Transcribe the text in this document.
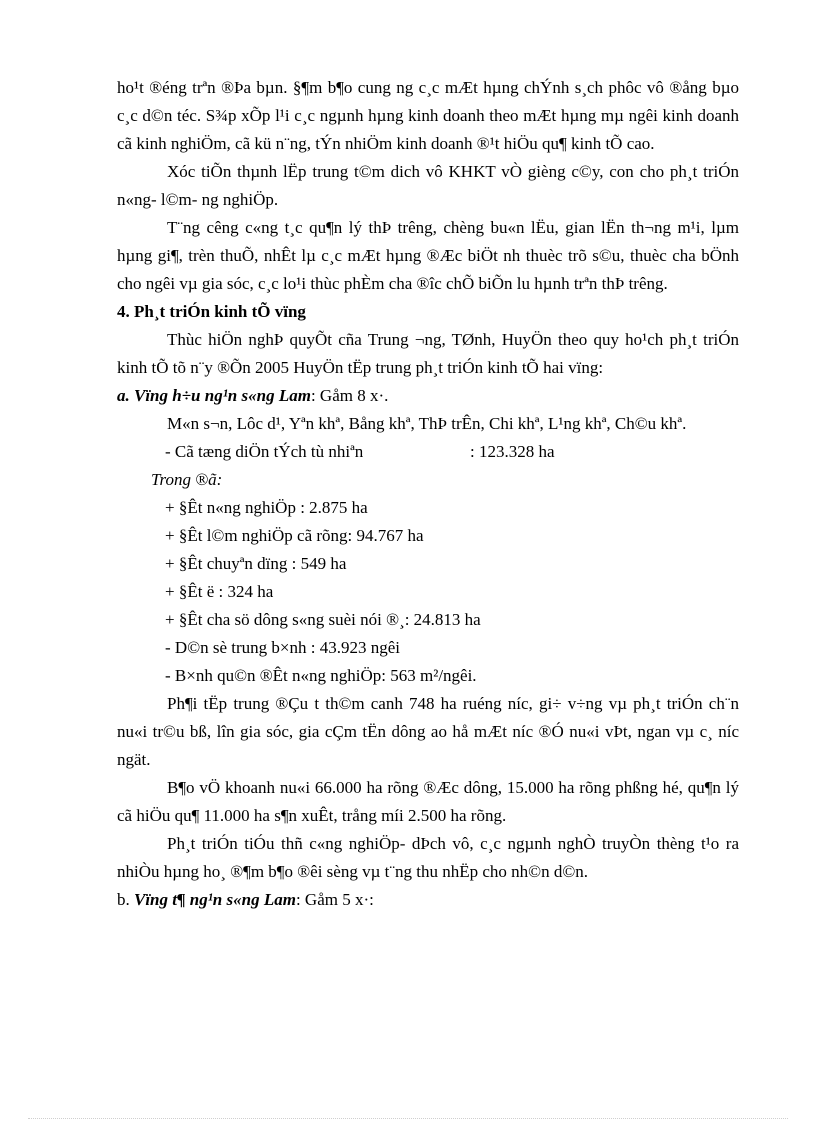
ho¹t ®éng trªn ®Þa bµn. §¶m b¶o cung ng c¸c mÆt hµng chÝnh s¸ch phôc vô ®ång bµo c¸c d©n téc. S¾p xÕp l¹i c¸c ngµnh hµng kinh doanh theo mÆt hµng mµ ngêi kinh doanh cã kinh nghiÖm, cã kü n¨ng, tÝn nhiÖm kinh doanh ®¹t hiÖu qu¶ kinh tÕ cao.

Xóc tiÕn thµnh lËp trung t©m dich vô KHKT vÒ gièng c©y, con cho ph¸t triÓn n«ng- l©m- ng nghiÖp.

T¨ng cêng c«ng t¸c qu¶n lý thÞ trêng, chèng bu«n lËu, gian lËn th¬ng m¹i, lµm hµng gi¶, trèn thuÕ, nhÊt lµ c¸c mÆt hµng ®Æc biÖt nh thuèc trõ s©u, thuèc cha bÖnh cho ngêi vµ gia sóc, c¸c lo¹i thùc phÈm cha ®îc chÕ biÕn lu hµnh trªn thÞ trêng.

4. Ph¸t triÓn kinh tÕ vïng

Thùc hiÖn nghÞ quyÕt cña Trung ¬ng, TØnh, HuyÖn theo quy ho¹ch ph¸t triÓn kinh tÕ tõ n¨y ®Õn 2005 HuyÖn tËp trung ph¸t triÓn kinh tÕ hai vïng:

a. Vïng h÷u ng¹n s«ng Lam: Gåm 8 x·.

M«n s¬n, Lôc d¹, Yªn khª, Bång khª, ThÞ trÊn, Chi khª, L¹ng khª, Ch©u khª.

- Cã tæng diÖn tÝch tù nhiªn	: 123.328 ha

Trong ®ã:

+ §Êt n«ng nghiÖp : 2.875 ha

+ §Êt l©m nghiÖp cã rõng: 94.767 ha

+ §Êt chuyªn dïng : 549 ha

+ §Êt ë : 324 ha

+ §Êt cha sö dông s«ng suèi nói ®¸: 24.813 ha

- D©n sè trung b×nh : 43.923 ngêi

- B×nh qu©n ®Êt n«ng nghiÖp: 563 m²/ngêi.

Ph¶i tËp trung ®Çu t th©m canh 748 ha ruéng níc, gi÷ v÷ng vµ ph¸t triÓn ch¨n nu«i tr©u bß, lîn gia sóc, gia cÇm tËn dông ao hå mÆt níc ®Ó nu«i vÞt, ngan vµ c¸ níc ngät.

B¶o vÖ khoanh nu«i 66.000 ha rõng ®Æc dông, 15.000 ha rõng phßng hé, qu¶n lý cã hiÖu qu¶ 11.000 ha s¶n xuÊt, trång míi 2.500 ha rõng.

Ph¸t triÓn tiÓu thñ c«ng nghiÖp- dÞch vô, c¸c ngµnh nghÒ truyÒn thèng t¹o ra nhiÒu hµng ho¸ ®¶m b¶o ®êi sèng vµ t¨ng thu nhËp cho nh©n d©n.

b. Vïng t¶ ng¹n s«ng Lam: Gåm 5 x·:
